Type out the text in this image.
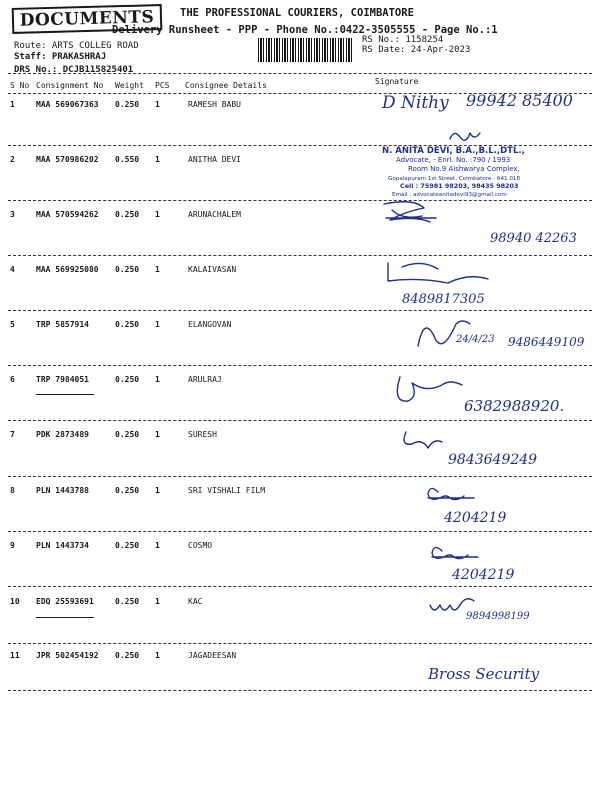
DOCUMENTS THE PROFESSIONAL COURIERS, COIMBATORE
Delivery Runsheet - PPP - Phone No.:0422-3505555 - Page No.:1
Route: ARTS COLLEG ROAD
Staff: PRAKASHRAJ
DRS No.: DCJB115825401
RS No.: 1158254
RS Date: 24-Apr-2023
S No Consignment No Weight PCS Consignee Details	Signature
1	MAA 569067363 0.250 1	RAMESH BABU	D Nithy 99942 85400
2	MAA 570986202 0.550 1	ANITHA DEVI
N. ANITA DEVI, B.A.,B.L.,DTL.,
Advocate, - Enrl. No. :790 / 1993
Room No.9 Aishwarya Complex,
Gopalapuram 1st Street, Coimbatore - 641 018
Cell : 75981 98203, 98435 98203
Email : advocateanitadevi93@gmail.com
3	MAA 570594262 0.250 1	ARUNACHALEM
98940 42263
4	MAA 569925080 0.250 1	KALAIVASAN
8489817305
5	TRP 5857914	0.250 1	ELANGOVAN
24/4/23 9486449109
6	TRP 7984051	0.250 1	ARULRAJ
6382988920.
7	PDK 2873489	0.250 1	SURESH
9843649249
8	PLN 1443788	0.250 1	SRI VISHALI FILM
4204219
9	PLN 1443734	0.250 1	COSMO
4204219
10 EDQ 25593691	0.250 1	KAC
9894998199
11 JPR 502454192 0.250 1	JAGADEESAN
Bross Security
